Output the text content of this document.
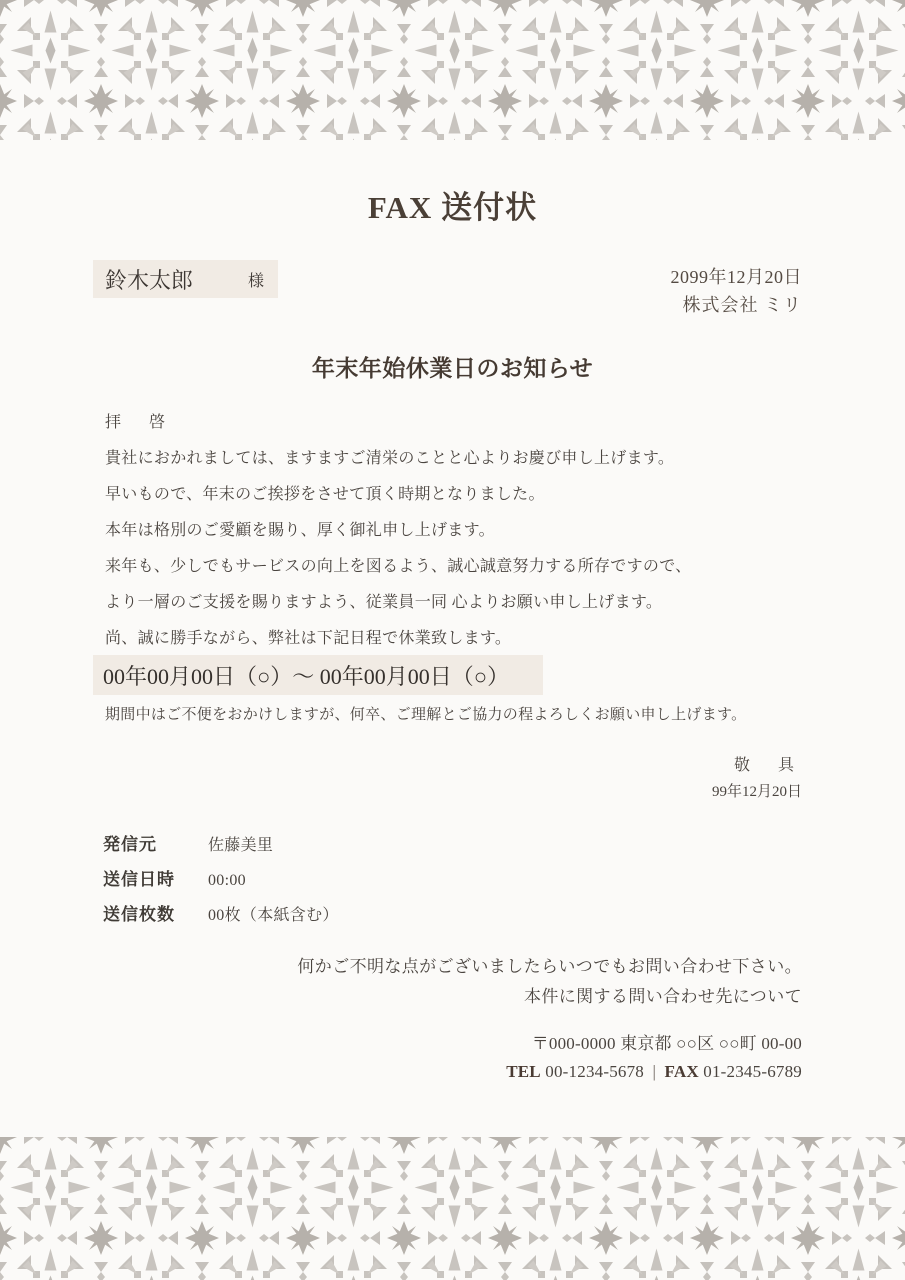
FAX 送付状
鈴木太郎	様	2099年12月20日
株式会社 ミリ
年末年始休業日のお知らせ
拝　啓
貴社におかれましては、ますますご清栄のことと心よりお慶び申し上げます。
早いもので、年末のご挨拶をさせて頂く時期となりました。
本年は格別のご愛顧を賜り、厚く御礼申し上げます。
来年も、少しでもサービスの向上を図るよう、誠心誠意努力する所存ですので、
より一層のご支援を賜りますよう、従業員一同 心よりお願い申し上げます。
尚、誠に勝手ながら、弊社は下記日程で休業致します。
00年00月00日（○）〜 00年00月00日（○）
期間中はご不便をおかけしますが、何卒、ご理解とご協力の程よろしくお願い申し上げます。
敬　具
99年12月20日
発信元	佐藤美里
送信日時	00:00
送信枚数	00枚（本紙含む）
何かご不明な点がございましたらいつでもお問い合わせ下さい。
本件に関する問い合わせ先について
〒000-0000 東京都 ○○区 ○○町 00-00
TEL 00-1234-5678 | FAX 01-2345-6789
